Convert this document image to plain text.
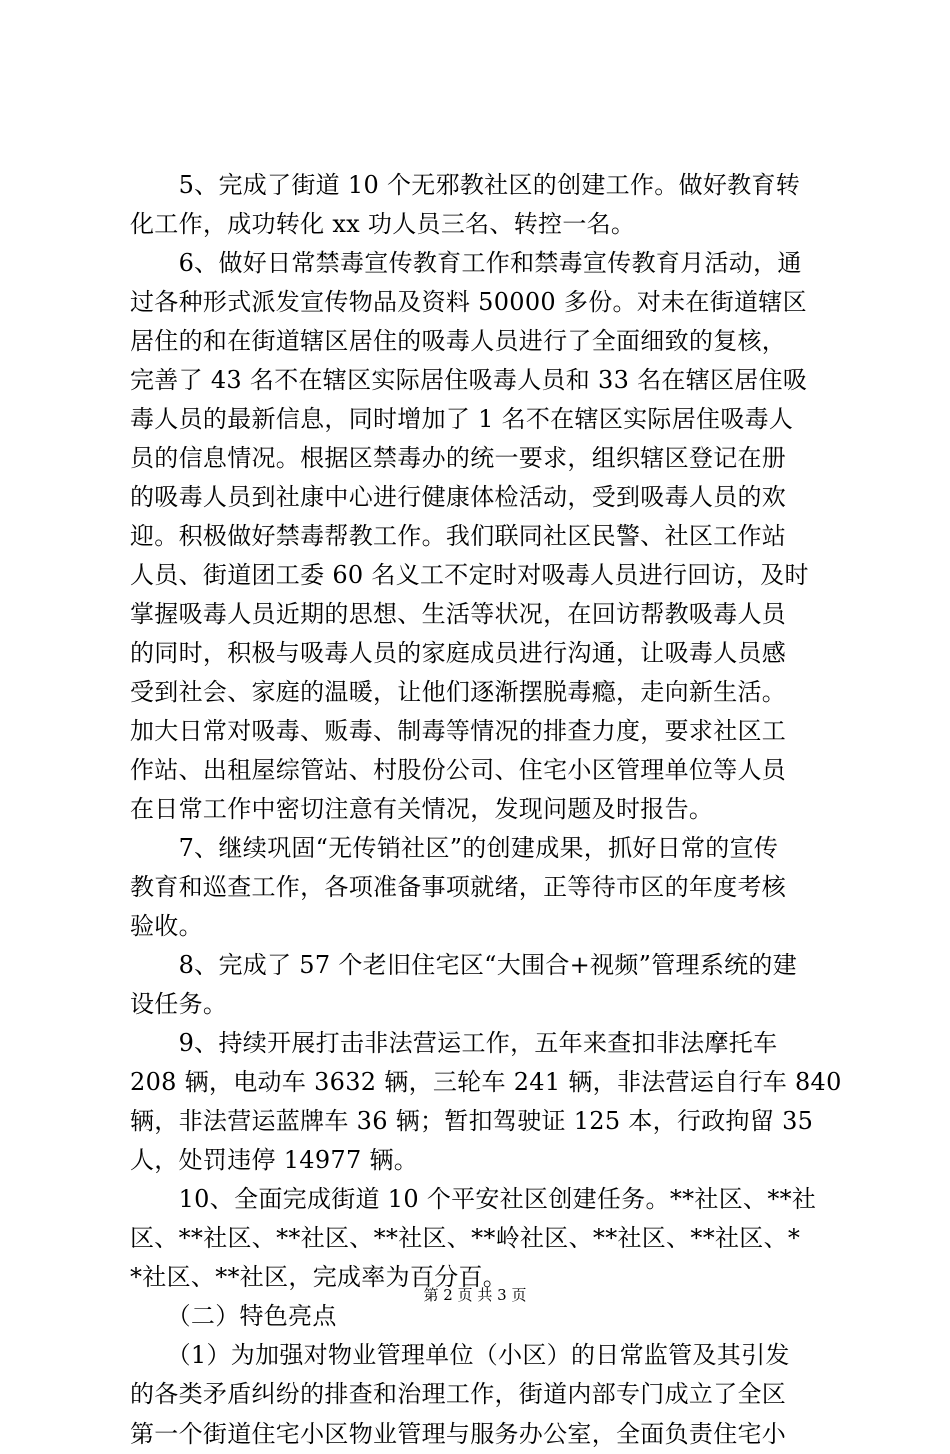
　　5、完成了街道 10 个无邪教社区的创建工作。做好教育转
化工作，成功转化 xx 功人员三名、转控一名。
　　6、做好日常禁毒宣传教育工作和禁毒宣传教育月活动，通
过各种形式派发宣传物品及资料 50000 多份。对未在街道辖区
居住的和在街道辖区居住的吸毒人员进行了全面细致的复核，
完善了 43 名不在辖区实际居住吸毒人员和 33 名在辖区居住吸
毒人员的最新信息，同时增加了 1 名不在辖区实际居住吸毒人
员的信息情况。根据区禁毒办的统一要求，组织辖区登记在册
的吸毒人员到社康中心进行健康体检活动，受到吸毒人员的欢
迎。积极做好禁毒帮教工作。我们联同社区民警、社区工作站
人员、街道团工委 60 名义工不定时对吸毒人员进行回访，及时
掌握吸毒人员近期的思想、生活等状况，在回访帮教吸毒人员
的同时，积极与吸毒人员的家庭成员进行沟通，让吸毒人员感
受到社会、家庭的温暖，让他们逐渐摆脱毒瘾，走向新生活。
加大日常对吸毒、贩毒、制毒等情况的排查力度，要求社区工
作站、出租屋综管站、村股份公司、住宅小区管理单位等人员
在日常工作中密切注意有关情况，发现问题及时报告。
　　7、继续巩固“无传销社区”的创建成果，抓好日常的宣传
教育和巡查工作，各项准备事项就绪，正等待市区的年度考核
验收。
　　8、完成了 57 个老旧住宅区“大围合+视频”管理系统的建
设任务。
　　9、持续开展打击非法营运工作，五年来查扣非法摩托车
208 辆，电动车 3632 辆，三轮车 241 辆，非法营运自行车 840
辆，非法营运蓝牌车 36 辆；暂扣驾驶证 125 本，行政拘留 35
人，处罚违停 14977 辆。
　　10、全面完成街道 10 个平安社区创建任务。**社区、**社
区、**社区、**社区、**社区、**岭社区、**社区、**社区、*
*社区、**社区，完成率为百分百。
　　（二）特色亮点
　　（1）为加强对物业管理单位（小区）的日常监管及其引发
的各类矛盾纠纷的排查和治理工作，街道内部专门成立了全区
第一个街道住宅小区物业管理与服务办公室，全面负责住宅小
第 2 页 共 3 页
